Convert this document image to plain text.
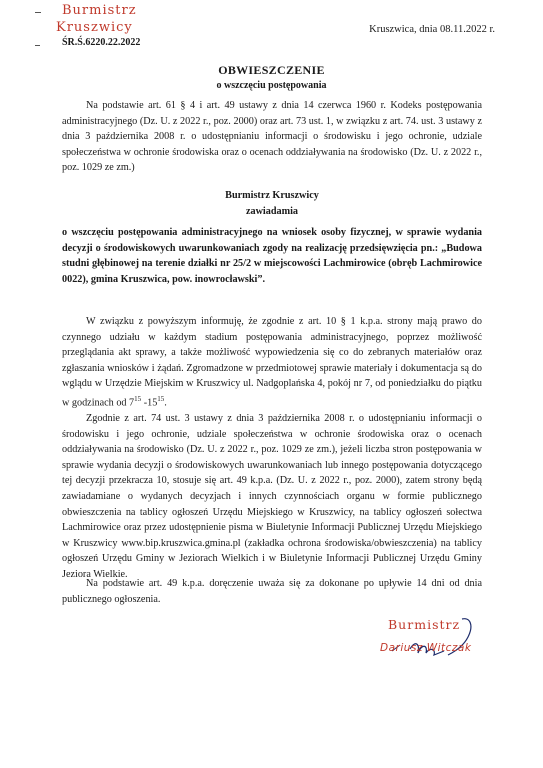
Burmistrz
Kruszwicy
ŚR.Ś.6220.22.2022
Kruszwica, dnia 08.11.2022 r.
OBWIESZCZENIE
o wszczęciu postępowania
Na podstawie art. 61 § 4 i art. 49 ustawy z dnia 14 czerwca 1960 r. Kodeks postępowania administracyjnego (Dz. U. z 2022 r., poz. 2000) oraz art. 73 ust. 1, w związku z art. 74. ust. 3 ustawy z dnia 3 października 2008 r. o udostępnianiu informacji o środowisku i jego ochronie, udziale społeczeństwa w ochronie środowiska oraz o ocenach oddziaływania na środowisko (Dz. U. z 2022 r., poz. 1029 ze zm.)
Burmistrz Kruszwicy
zawiadamia
o wszczęciu postępowania administracyjnego na wniosek osoby fizycznej, w sprawie wydania decyzji o środowiskowych uwarunkowaniach zgody na realizację przedsięwzięcia pn.: „Budowa studni głębinowej na terenie działki nr 25/2 w miejscowości Lachmirowice (obręb Lachmirowice 0022), gmina Kruszwica, pow. inowrocławski”.
W związku z powyższym informuję, że zgodnie z art. 10 § 1 k.p.a. strony mają prawo do czynnego udziału w każdym stadium postępowania administracyjnego, poprzez możliwość przeglądania akt sprawy, a także możliwość wypowiedzenia się co do zebranych materiałów oraz zgłaszania wniosków i żądań. Zgromadzone w przedmiotowej sprawie materiały i dokumentacja są do wglądu w Urzędzie Miejskim w Kruszwicy ul. Nadgoplańska 4, pokój nr 7, od poniedziałku do piątku w godzinach od $7^{15}$ $-15^{15}$.
Zgodnie z art. 74 ust. 3 ustawy z dnia 3 października 2008 r. o udostępnianiu informacji o środowisku i jego ochronie, udziale społeczeństwa w ochronie środowiska oraz o ocenach oddziaływania na środowisko (Dz. U. z 2022 r., poz. 1029 ze zm.), jeżeli liczba stron postępowania w sprawie wydania decyzji o środowiskowych uwarunkowaniach lub innego postępowania dotyczącego tej decyzji przekracza 10, stosuje się art. 49 k.p.a. (Dz. U. z 2022 r., poz. 2000), zatem strony będą zawiadamiane o wydanych decyzjach i innych czynnościach organu w formie publicznego obwieszczenia na tablicy ogłoszeń Urzędu Miejskiego w Kruszwicy, na tablicy ogłoszeń sołectwa Lachmirowice oraz przez udostępnienie pisma w Biuletynie Informacji Publicznej Urzędu Miejskiego w Kruszwicy www.bip.kruszwica.gmina.pl (zakładka ochrona środowiska/obwieszczenia) na tablicy ogłoszeń Urzędu Gminy w Jeziorach Wielkich i w Biuletynie Informacji Publicznej Urzędu Gminy Jeziora Wielkie.
Na podstawie art. 49 k.p.a. doręczenie uważa się za dokonane po upływie 14 dni od dnia publicznego ogłoszenia.
Burmistrz
Dariusz Witczak
